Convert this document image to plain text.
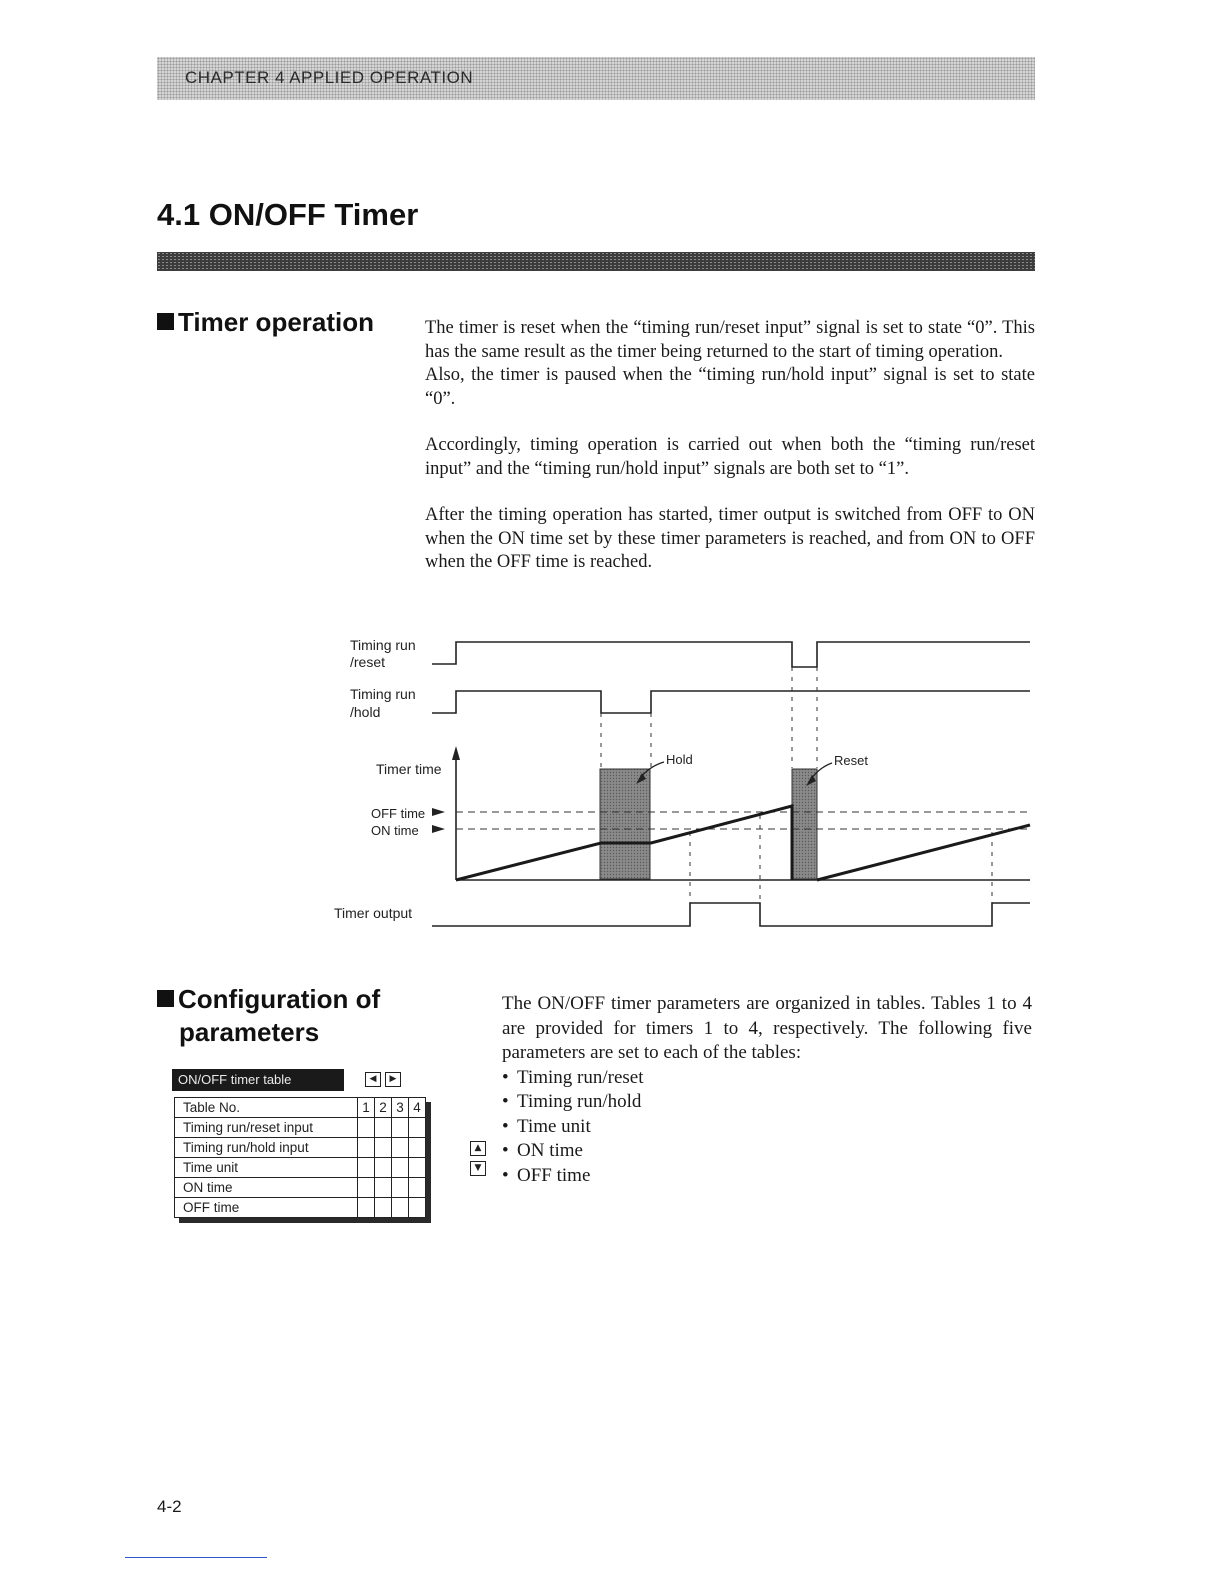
CHAPTER 4 APPLIED OPERATION
4.1 ON/OFF Timer
Timer operation	The timer is reset when the “timing run/reset input” signal is set to state “0”. This has the same result as the timer being returned to the start of timing operation.

Also, the timer is paused when the “timing run/hold input” signal is set to state “0”.

Accordingly, timing operation is carried out when both the “timing run/reset input” and the “timing run/hold input” signals are both set to “1”.

After the timing operation has started, timer output is switched from OFF to ON when the ON time set by these timer parameters is reached, and from ON to OFF when the OFF time is reached.

Timing run
/reset
Timing run
/hold
Timer time
OFF time
ON time
Hold	Reset
Timer output
Configuration of
parameters
ON/OFF timer table	◀	▶
Table No.	1	2	3	4
Timing run/reset input				
Timing run/hold input				
Time unit				
ON time				
OFF time				
▲
▼

The ON/OFF timer parameters are organized in tables. Tables 1 to 4 are provided for timers 1 to 4, respectively. The following five parameters are set to each of the tables:

• Timing run/reset
• Timing run/hold
• Time unit
• ON time
• OFF time
4-2
